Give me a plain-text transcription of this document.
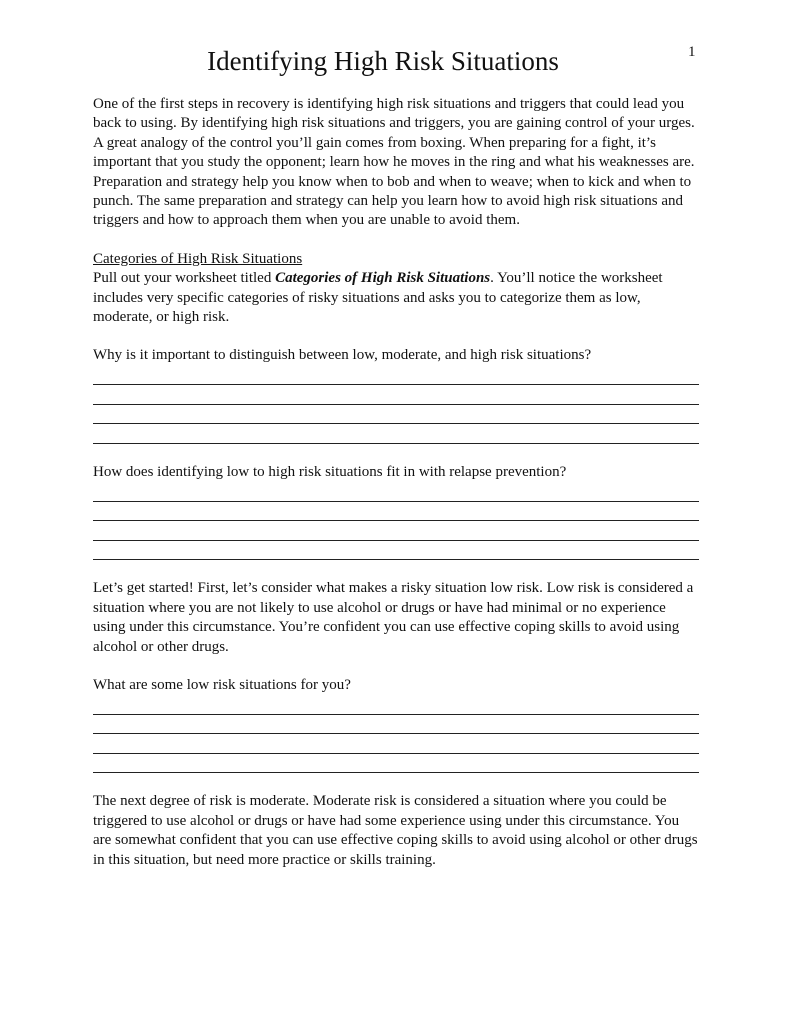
1
Identifying High Risk Situations

One of the first steps in recovery is identifying high risk situations and triggers that could lead you back to using. By identifying high risk situations and triggers, you are gaining control of your urges. A great analogy of the control you’ll gain comes from boxing. When preparing for a fight, it’s important that you study the opponent; learn how he moves in the ring and what his weaknesses are. Preparation and strategy help you know when to bob and when to weave; when to kick and when to punch. The same preparation and strategy can help you learn how to avoid high risk situations and triggers and how to approach them when you are unable to avoid them.

Categories of High Risk Situations

Pull out your worksheet titled Categories of High Risk Situations. You’ll notice the worksheet includes very specific categories of risky situations and asks you to categorize them as low, moderate, or high risk.

Why is it important to distinguish between low, moderate, and high risk situations?

How does identifying low to high risk situations fit in with relapse prevention?

Let’s get started! First, let’s consider what makes a risky situation low risk. Low risk is considered a situation where you are not likely to use alcohol or drugs or have had minimal or no experience using under this circumstance. You’re confident you can use effective coping skills to avoid using alcohol or other drugs.

What are some low risk situations for you?

The next degree of risk is moderate. Moderate risk is considered a situation where you could be triggered to use alcohol or drugs or have had some experience using under this circumstance. You are somewhat confident that you can use effective coping skills to avoid using alcohol or other drugs in this situation, but need more practice or skills training.
